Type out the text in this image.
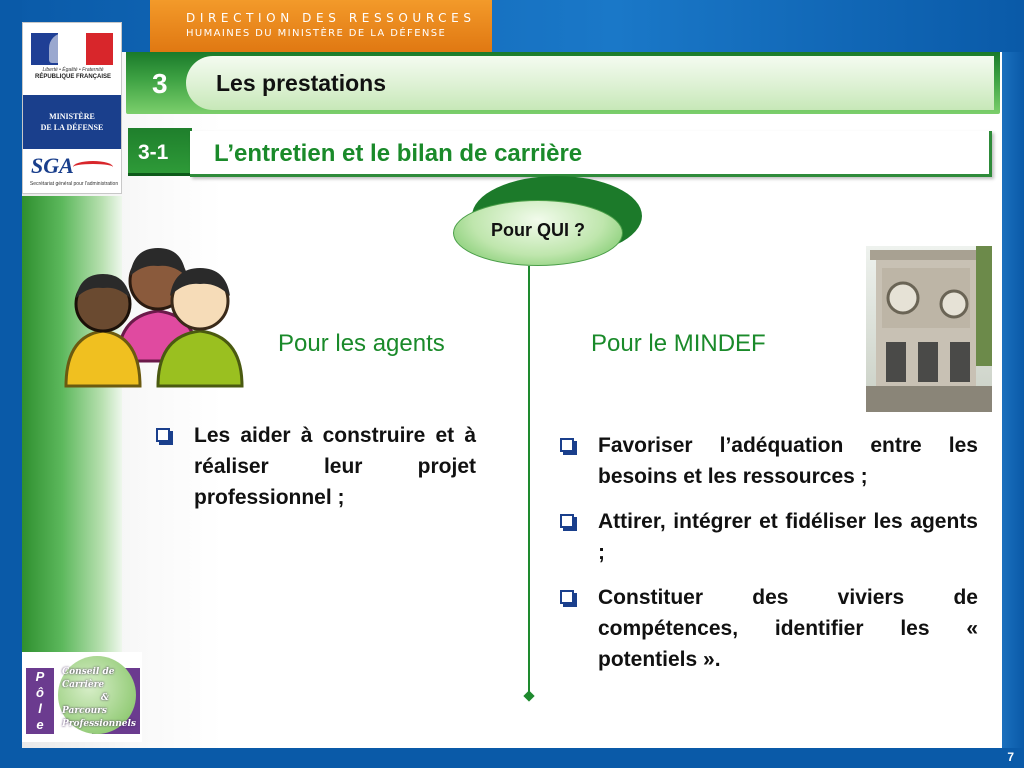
DIRECTION DES RESSOURCES
HUMAINES DU MINISTÈRE DE LA DÉFENSE
7
Liberté • Égalité • Fraternité
RÉPUBLIQUE FRANÇAISE
MINISTÈRE
DE LA DÉFENSE
SGA
Secrétariat général pour l'administration
P
ô
l
e
Conseil de
Carrière
&
Parcours
Professionnels
3 Les prestations
3-1 L’entretien et le bilan de carrière
Pour QUI ?
Pour les agents	Pour le MINDEF
Les aider à construire et à réaliser leur projet professionnel ;
Favoriser l’adéquation entre les besoins et les ressources ;
Attirer, intégrer et fidéliser les agents ;
Constituer des viviers de compétences, identifier les « potentiels ».
